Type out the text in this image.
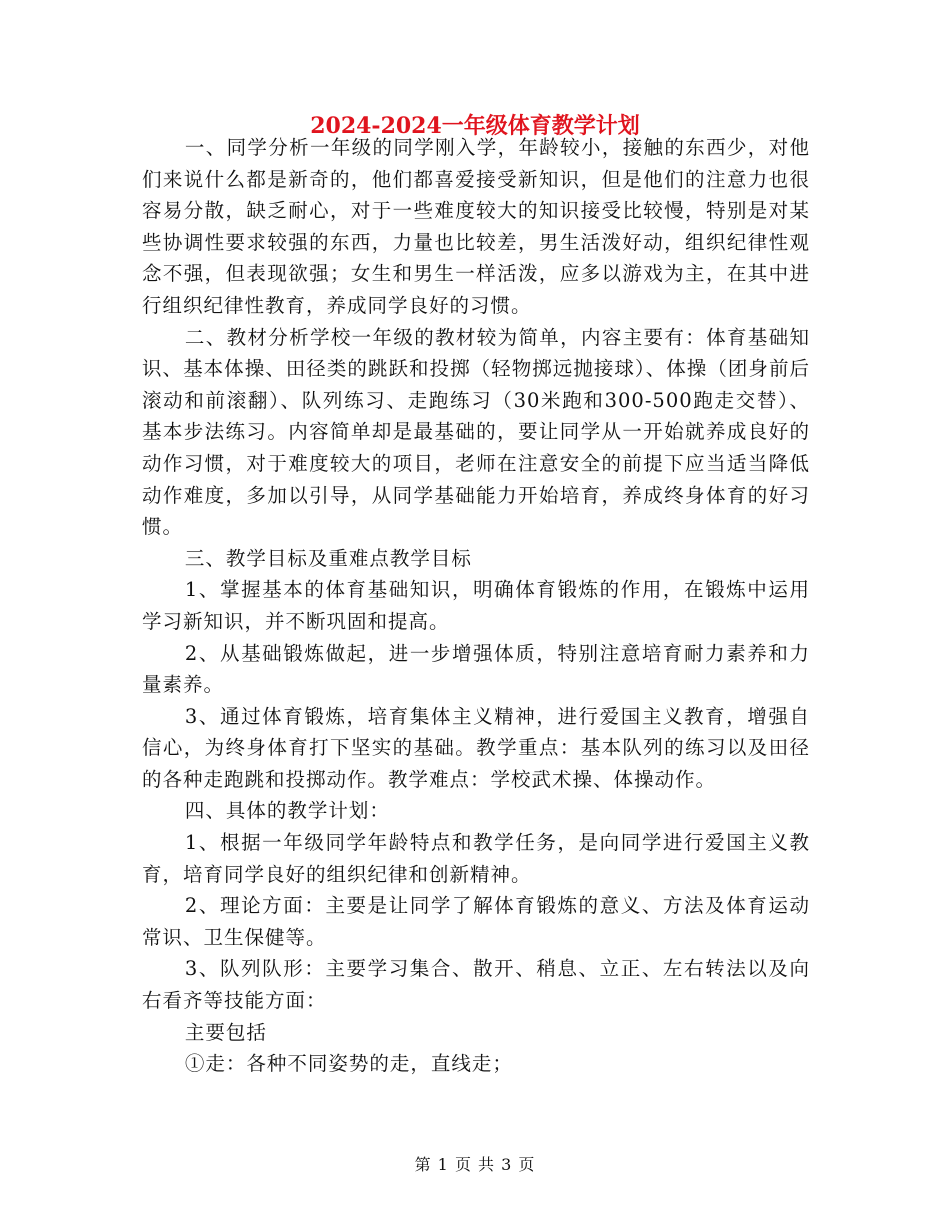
2024-2024一年级体育教学计划

一、同学分析一年级的同学刚入学，年龄较小，接触的东西少，对他们来说什么都是新奇的，他们都喜爱接受新知识，但是他们的注意力也很容易分散，缺乏耐心，对于一些难度较大的知识接受比较慢，特别是对某些协调性要求较强的东西，力量也比较差，男生活泼好动，组织纪律性观念不强，但表现欲强；女生和男生一样活泼，应多以游戏为主，在其中进行组织纪律性教育，养成同学良好的习惯。

二、教材分析学校一年级的教材较为简单，内容主要有：体育基础知识、基本体操、田径类的跳跃和投掷（轻物掷远抛接球）、体操（团身前后滚动和前滚翻）、队列练习、走跑练习（30米跑和300-500跑走交替）、基本步法练习。内容简单却是最基础的，要让同学从一开始就养成良好的动作习惯，对于难度较大的项目，老师在注意安全的前提下应当适当降低动作难度，多加以引导，从同学基础能力开始培育，养成终身体育的好习惯。

三、教学目标及重难点教学目标

1、掌握基本的体育基础知识，明确体育锻炼的作用，在锻炼中运用学习新知识，并不断巩固和提高。

2、从基础锻炼做起，进一步增强体质，特别注意培育耐力素养和力量素养。

3、通过体育锻炼，培育集体主义精神，进行爱国主义教育，增强自信心，为终身体育打下坚实的基础。教学重点：基本队列的练习以及田径的各种走跑跳和投掷动作。教学难点：学校武术操、体操动作。

四、具体的教学计划：

1、根据一年级同学年龄特点和教学任务，是向同学进行爱国主义教育，培育同学良好的组织纪律和创新精神。

2、理论方面：主要是让同学了解体育锻炼的意义、方法及体育运动常识、卫生保健等。

3、队列队形：主要学习集合、散开、稍息、立正、左右转法以及向右看齐等技能方面：

主要包括

①走：各种不同姿势的走，直线走；

第 1 页 共 3 页
